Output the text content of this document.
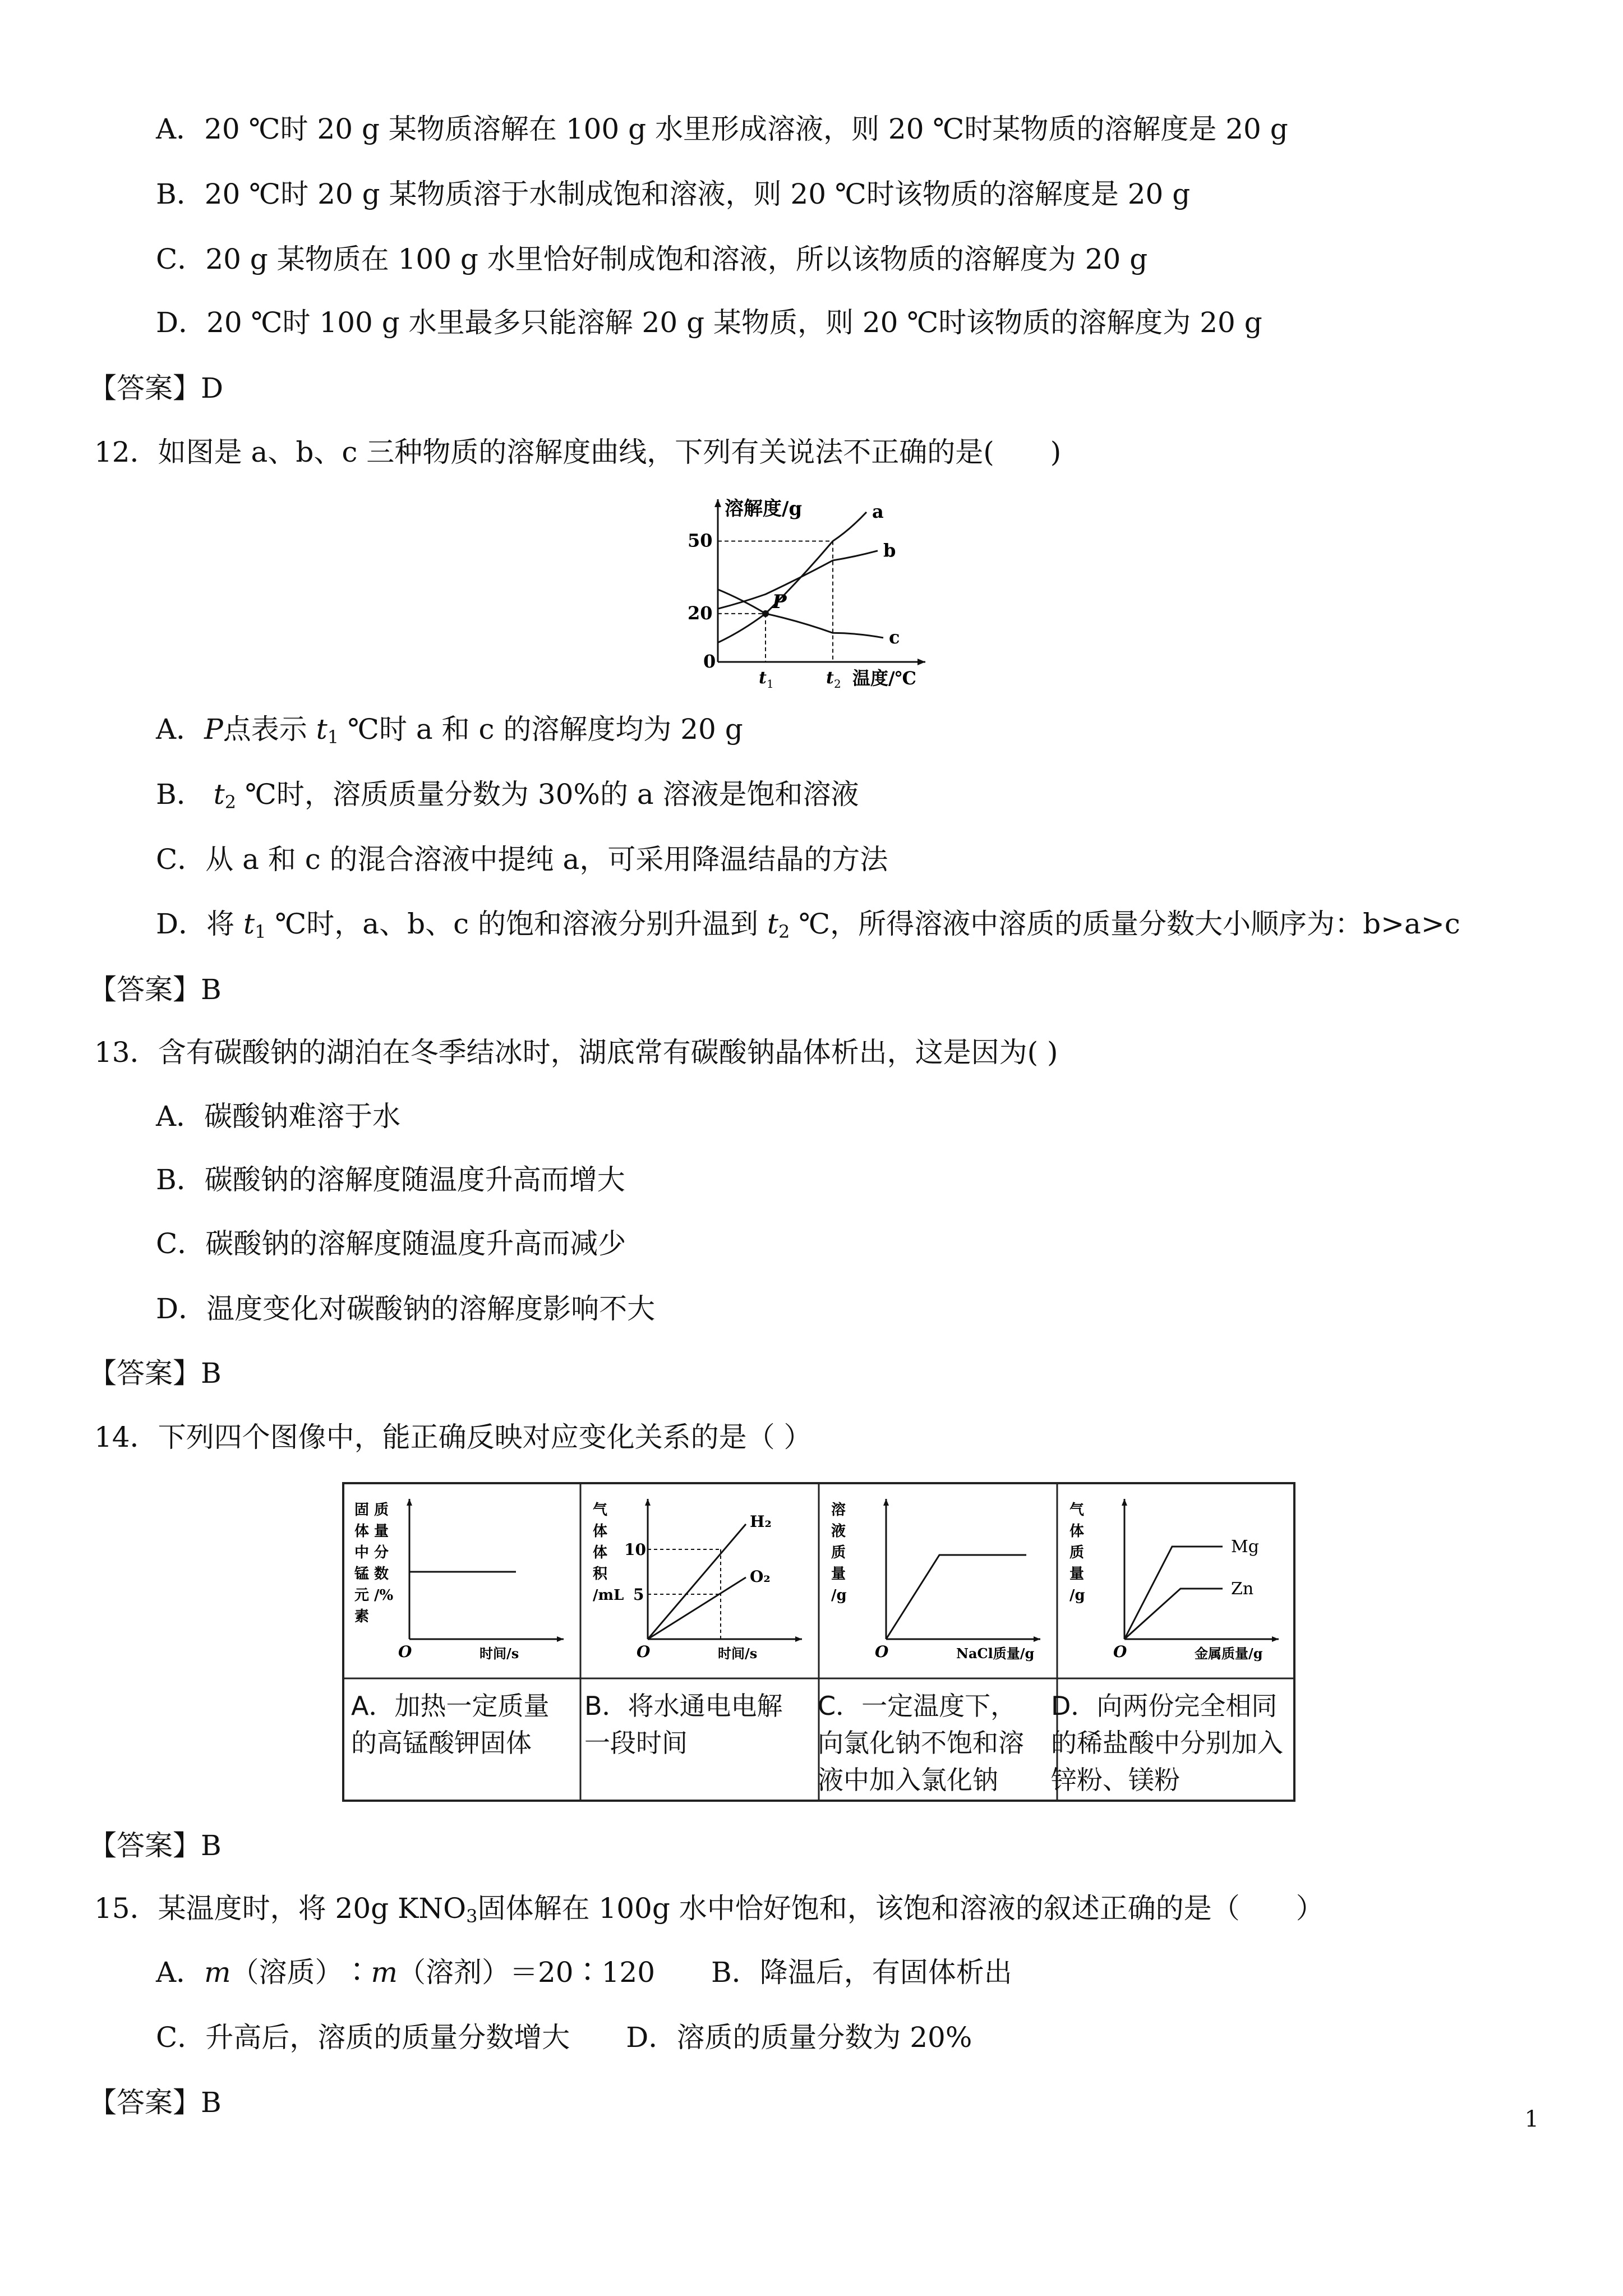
A．20 ℃时 20 g 某物质溶解在 100 g 水里形成溶液，则 20 ℃时某物质的溶解度是 20 g
B．20 ℃时 20 g 某物质溶于水制成饱和溶液，则 20 ℃时该物质的溶解度是 20 g
C．20 g 某物质在 100 g 水里恰好制成饱和溶液，所以该物质的溶解度为 20 g
D．20 ℃时 100 g 水里最多只能溶解 20 g 某物质，则 20 ℃时该物质的溶解度为 20 g
【答案】D
12．如图是 a、b、c 三种物质的溶解度曲线，下列有关说法不正确的是(　　)
溶解度/g
温度/℃
0
50
20
t 1	t 2
a
b
c
P
A．P点表示 $t_1$ ℃时 a 和 c 的溶解度均为 20 g
B． $t_2$ ℃时，溶质质量分数为 30%的 a 溶液是饱和溶液
C．从 a 和 c 的混合溶液中提纯 a，可采用降温结晶的方法
D．将 $t_1$ ℃时，a、b、c 的饱和溶液分别升温到 $t_2$ ℃，所得溶液中溶质的质量分数大小顺序为：b>a>c
【答案】B
13．含有碳酸钠的湖泊在冬季结冰时，湖底常有碳酸钠晶体析出，这是因为( )
A．碳酸钠难溶于水
B．碳酸钠的溶解度随温度升高而增大
C．碳酸钠的溶解度随温度升高而减少
D．温度变化对碳酸钠的溶解度影响不大
【答案】B
14．下列四个图像中，能正确反映对应变化关系的是（ ）
O	时间/s
固 质
体 量
中 分
锰 数
元 /%
素
O	时间/s
气
体
体
积
/mL
10
5
H₂
O₂
O	NaCl质量/g
溶
液
质
量
/g
O	金属质量/g
气
体
质
量
/g
Mg
Zn
A．加热一定质量的高锰酸钾固体
B．将水通电电解一段时间
C．一定温度下，向氯化钠不饱和溶液中加入氯化钠
D．向两份完全相同的稀盐酸中分别加入锌粉、镁粉
【答案】B
15．某温度时，将 20g $KNO_3$固体解在 100g 水中恰好饱和，该饱和溶液的叙述正确的是（　　）
A．m（溶质）∶m（溶剂）＝20∶120 B．降温后，有固体析出
C．升高后，溶质的质量分数增大 D．溶质的质量分数为 20%
【答案】B
1
